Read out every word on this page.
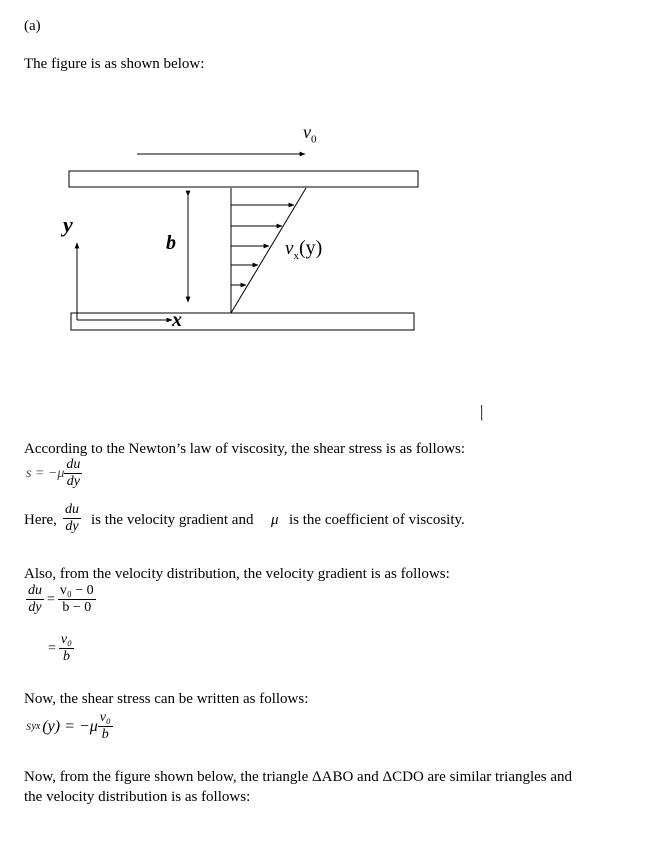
(a)
The figure is as shown below:
$v_0$
b
y
x
$v_x(y)$
|
According to the Newton’s law of viscosity, the shear stress is as follows:
$s = -\mu \frac{du}{dy}$
Here, $\frac{du}{dy}$ is the velocity gradient and μ is the coefficient of viscosity.
Also, from the velocity distribution, the velocity gradient is as follows:
$\frac{du}{dy} = \frac{\text{v₀ − 0}}{b - 0}$
= $\frac{\text{v₀}}{b}$
Now, the shear stress can be written as follows:
s yx $(y) = -\mu \frac{\text{v₀}}{b}$
Now, from the figure shown below, the triangle ΔABO and ΔCDO are similar triangles and
the velocity distribution is as follows:
